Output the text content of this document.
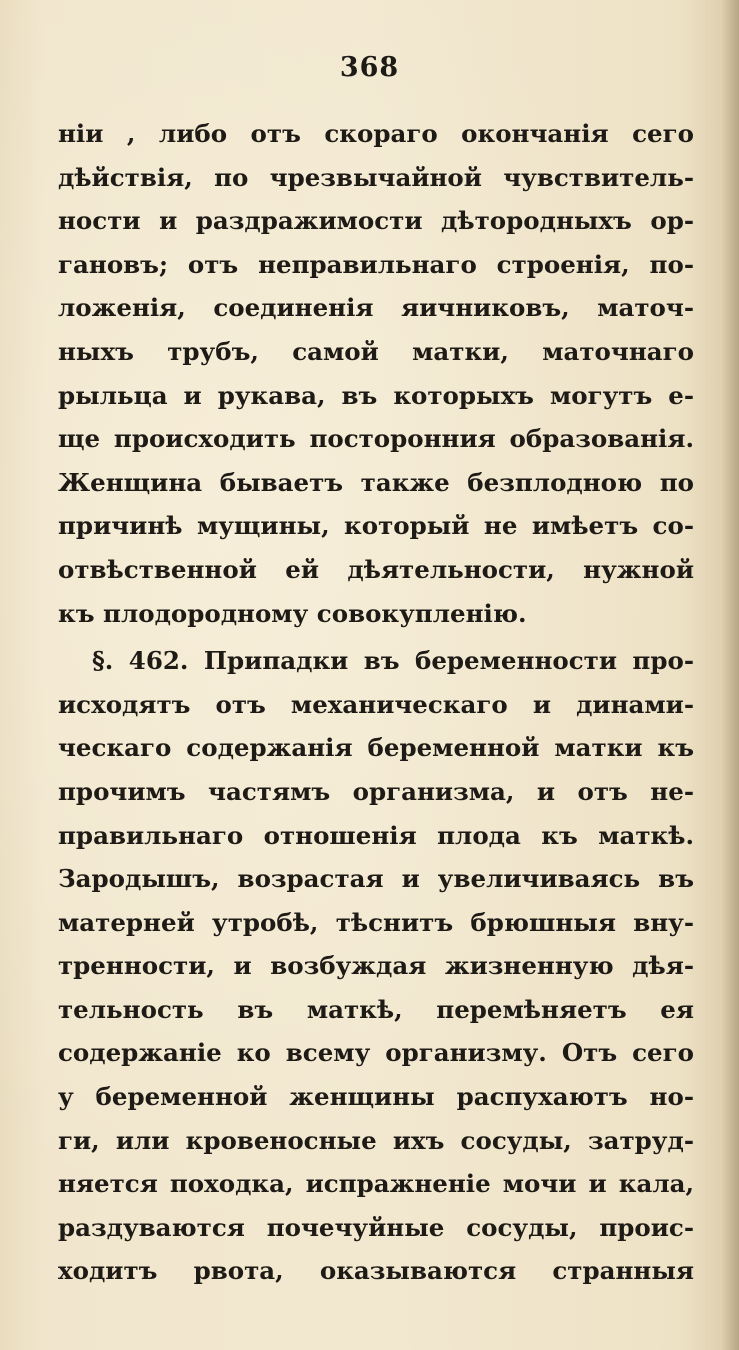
368
нiи , либо отъ скораго окончанiя сего
дѣйствiя, по чрезвычайной чувствитель-
ности и раздражимости дѣтородныхъ ор-
гановъ; отъ неправильнаго строенiя, по-
ложенiя, соединенiя яичниковъ, маточ-
ныхъ трубъ, самой матки, маточнаго
рыльца и рукава, въ которыхъ могутъ е-
ще происходить посторонния образованiя.
Женщина бываетъ также безплодною по
причинѣ мущины, который не имѣетъ со-
отвѣственной ей дѣятельности, нужной
къ плодородному совокупленiю.
§. 462. Припадки въ беременности про-
исходятъ отъ механическаго и динами-
ческаго содержанiя беременной матки къ
прочимъ частямъ организма, и отъ не-
правильнаго отношенiя плода къ маткѣ.
Зародышъ, возрастая и увеличиваясь въ
матерней утробѣ, тѣснитъ брюшныя вну-
тренности, и возбуждая жизненную дѣя-
тельность въ маткѣ, перемѣняетъ ея
содержанiе ко всему организму. Отъ сего
у беременной женщины распухаютъ но-
ги, или кровеносные ихъ сосуды, затруд-
няется походка, испражненiе мочи и кала,
раздуваются почечуйные сосуды, проис-
ходитъ рвота, оказываются странныя
